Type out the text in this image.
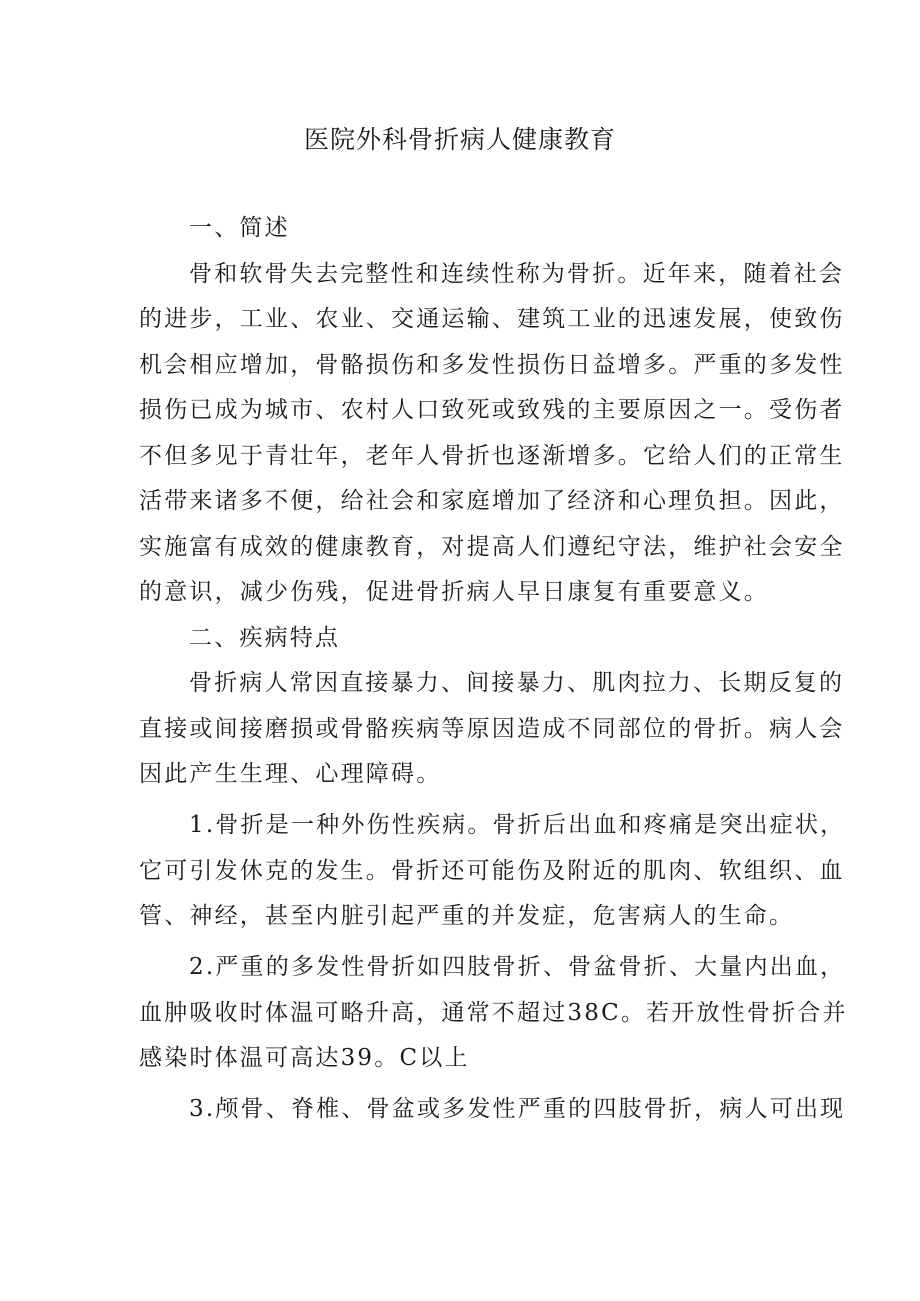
医院外科骨折病人健康教育
一、简述
骨和软骨失去完整性和连续性称为骨折。近年来，随着社会
的进步，工业、农业、交通运输、建筑工业的迅速发展，使致伤
机会相应增加，骨骼损伤和多发性损伤日益增多。严重的多发性
损伤已成为城市、农村人口致死或致残的主要原因之一。受伤者
不但多见于青壮年，老年人骨折也逐渐增多。它给人们的正常生
活带来诸多不便，给社会和家庭增加了经济和心理负担。因此，
实施富有成效的健康教育，对提高人们遵纪守法，维护社会安全
的意识，减少伤残，促进骨折病人早日康复有重要意义。
二、疾病特点
骨折病人常因直接暴力、间接暴力、肌肉拉力、长期反复的
直接或间接磨损或骨骼疾病等原因造成不同部位的骨折。病人会
因此产生生理、心理障碍。
1.骨折是一种外伤性疾病。骨折后出血和疼痛是突出症状，
它可引发休克的发生。骨折还可能伤及附近的肌肉、软组织、血
管、神经，甚至内脏引起严重的并发症，危害病人的生命。
2.严重的多发性骨折如四肢骨折、骨盆骨折、大量内出血，
血肿吸收时体温可略升高，通常不超过38C。若开放性骨折合并
感染时体温可高达39。C以上
3.颅骨、脊椎、骨盆或多发性严重的四肢骨折，病人可出现
